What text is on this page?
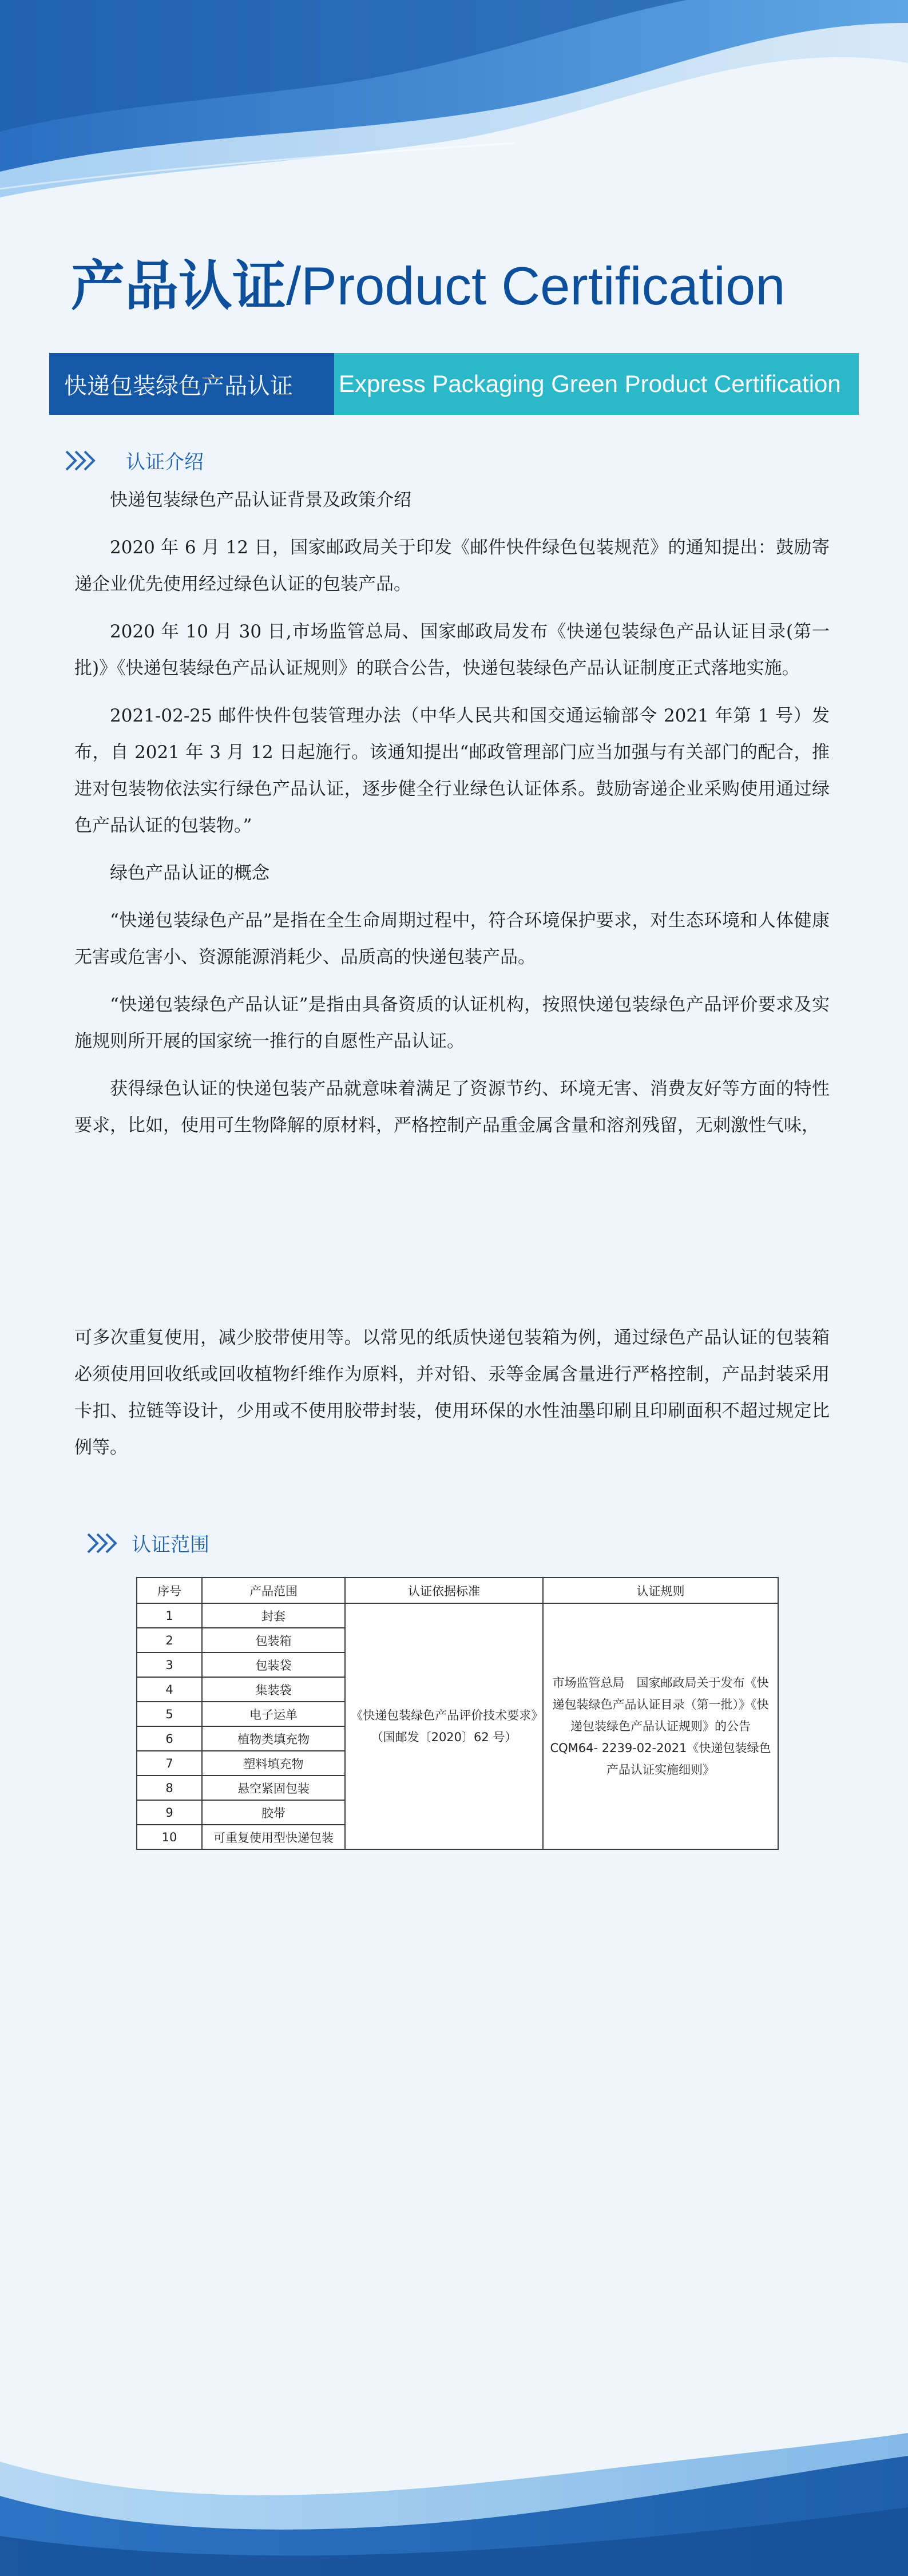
产品认证/Product Certification
快递包装绿色产品认证	Express Packaging Green Product Certification
认证介绍

快递包装绿色产品认证背景及政策介绍

2020 年 6 月 12 日，国家邮政局关于印发《邮件快件绿色包装规范》的通知提出：鼓励寄递企业优先使用经过绿色认证的包装产品。

2020 年 10 月 30 日,市场监管总局、国家邮政局发布《快递包装绿色产品认证目录(第一批)》《快递包装绿色产品认证规则》的联合公告，快递包装绿色产品认证制度正式落地实施。

2021-02-25 邮件快件包装管理办法（中华人民共和国交通运输部令 2021 年第 1 号）发布，自 2021 年 3 月 12 日起施行。该通知提出“邮政管理部门应当加强与有关部门的配合，推进对包装物依法实行绿色产品认证，逐步健全行业绿色认证体系。鼓励寄递企业采购使用通过绿色产品认证的包装物。”

绿色产品认证的概念

“快递包装绿色产品”是指在全生命周期过程中，符合环境保护要求，对生态环境和人体健康无害或危害小、资源能源消耗少、品质高的快递包装产品。

“快递包装绿色产品认证”是指由具备资质的认证机构，按照快递包装绿色产品评价要求及实施规则所开展的国家统一推行的自愿性产品认证。

获得绿色认证的快递包装产品就意味着满足了资源节约、环境无害、消费友好等方面的特性要求，比如，使用可生物降解的原材料，严格控制产品重金属含量和溶剂残留，无刺激性气味，

可多次重复使用，减少胶带使用等。以常见的纸质快递包装箱为例，通过绿色产品认证的包装箱必须使用回收纸或回收植物纤维作为原料，并对铅、汞等金属含量进行严格控制，产品封装采用卡扣、拉链等设计，少用或不使用胶带封装，使用环保的水性油墨印刷且印刷面积不超过规定比例等。

认证范围
序号	产品范围	认证依据标准	认证规则
1	封套	《快递包装绿色产品评价技术要求》（国邮发〔2020〕62 号）	市场监管总局　国家邮政局关于发布《快递包装绿色产品认证目录（第一批）》《快递包装绿色产品认证规则》的公告 CQM64- 2239-02-2021《快递包装绿色产品认证实施细则》
2	包装箱		
3	包装袋		
4	集装袋		
5	电子运单		
6	植物类填充物		
7	塑料填充物		
8	悬空紧固包装		
9	胶带		
10	可重复使用型快递包装		
